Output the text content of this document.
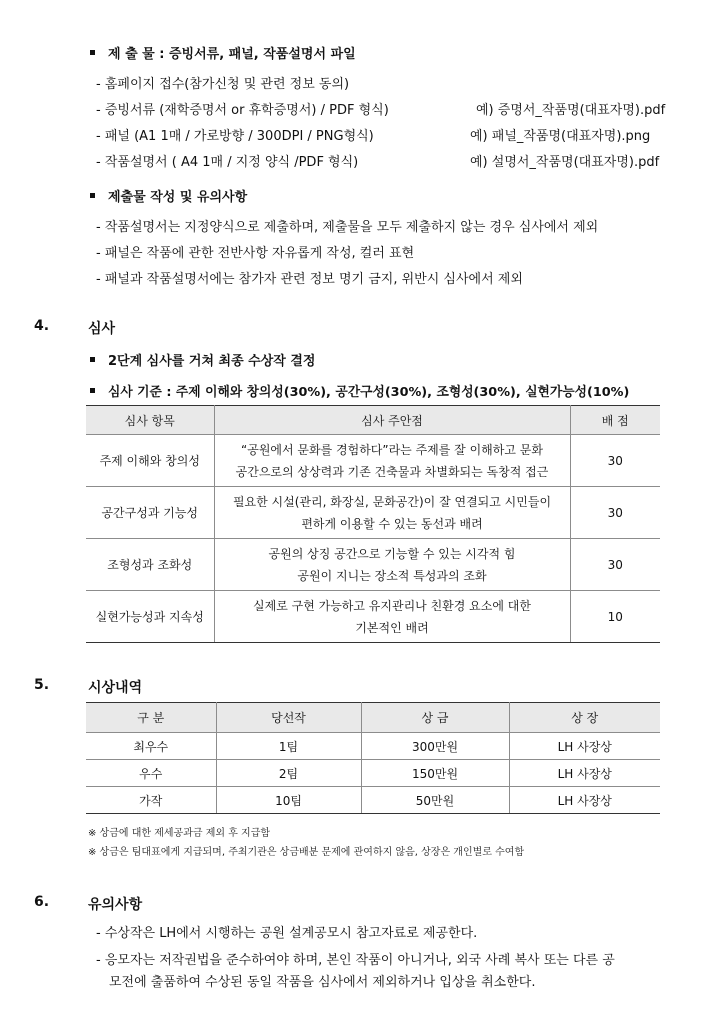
제 출 물 : 증빙서류, 패널, 작품설명서 파일
- 홈페이지 접수(참가신청 및 관련 정보 동의)
- 증빙서류 (재학증명서 or 휴학증명서) / PDF 형식)	예) 증명서_작품명(대표자명).pdf
- 패널 (A1 1매 / 가로방향 / 300DPI / PNG형식)	예) 패널_작품명(대표자명).png
- 작품설명서 ( A4 1매 / 지정 양식 /PDF 형식)	예) 설명서_작품명(대표자명).pdf
제출물 작성 및 유의사항
- 작품설명서는 지정양식으로 제출하며, 제출물을 모두 제출하지 않는 경우 심사에서 제외
- 패널은 작품에 관한 전반사항 자유롭게 작성, 컬러 표현
- 패널과 작품설명서에는 참가자 관련 정보 명기 금지, 위반시 심사에서 제외
4.	심사
2단계 심사를 거쳐 최종 수상작 결정
심사 기준 : 주제 이해와 창의성(30%), 공간구성(30%), 조형성(30%), 실현가능성(10%)
심사 항목	심사 주안점	배 점
주제 이해와 창의성	“공원에서 문화를 경험하다”라는 주제를 잘 이해하고 문화
공간으로의 상상력과 기존 건축물과 차별화되는 독창적 접근	30
공간구성과 기능성	필요한 시설(관리, 화장실, 문화공간)이 잘 연결되고 시민들이
편하게 이용할 수 있는 동선과 배려	30
조형성과 조화성	공원의 상징 공간으로 기능할 수 있는 시각적 힘
공원이 지니는 장소적 특성과의 조화	30
실현가능성과 지속성	실제로 구현 가능하고 유지관리나 친환경 요소에 대한
기본적인 배려	10
5.	시상내역
구 분	당선작	상 금	상 장
최우수	1팀	300만원	LH 사장상
우수	2팀	150만원	LH 사장상
가작	10팀	50만원	LH 사장상
※ 상금에 대한 제세공과금 제외 후 지급함
※ 상금은 팀대표에게 지급되며, 주최기관은 상금배분 문제에 관여하지 않음, 상장은 개인별로 수여함
6.	유의사항
- 수상작은 LH에서 시행하는 공원 설계공모시 참고자료로 제공한다.
- 응모자는 저작권법을 준수하여야 하며, 본인 작품이 아니거나, 외국 사례 복사 또는 다른 공
모전에 출품하여 수상된 동일 작품을 심사에서 제외하거나 입상을 취소한다.
